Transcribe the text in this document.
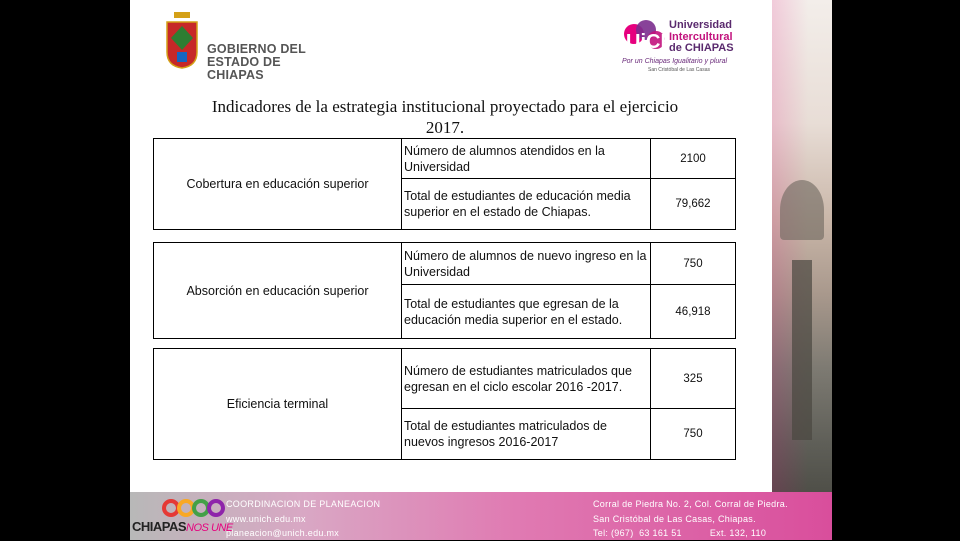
GOBIERNO DEL
ESTADO DE CHIAPAS
UiCH
Universidad
Intercultural
de CHIAPAS
Por un Chiapas Igualitario y plural
San Cristóbal de Las Casas
Indicadores de la estrategia institucional proyectado para el ejercicio
2017.
Cobertura en educación superior	Número de alumnos atendidos en la Universidad	2100

	Total de estudiantes de educación media superior en el estado de Chiapas.	79,662
Absorción en educación superior	Número de alumnos de nuevo ingreso en la Universidad	750

	Total de estudiantes que egresan de la educación media superior en el estado.	46,918
Eficiencia terminal	Número de estudiantes matriculados que egresan en el ciclo escolar 2016 -2017.	325

	Total de estudiantes matriculados de nuevos ingresos 2016-2017	750
CHIAPASNOS UNE
COORDINACION DE PLANEACION
www.unich.edu.mx
planeacion@unich.edu.mx
Corral de Piedra No. 2, Col. Corral de Piedra.
San Cristóbal de Las Casas, Chiapas.
Tel: (967)  63 161 51          Ext. 132, 110
